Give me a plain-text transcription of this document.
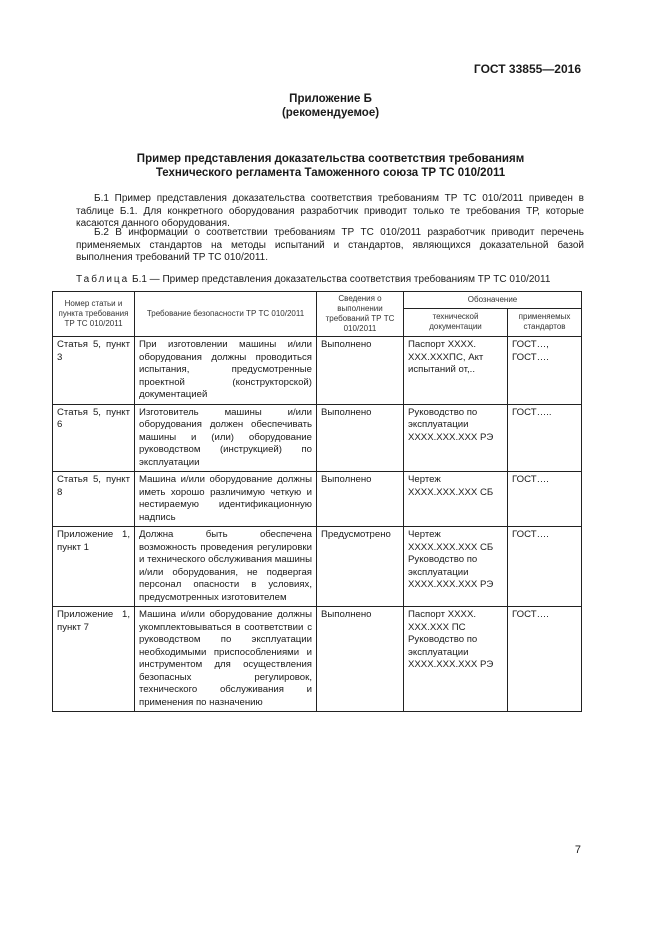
ГОСТ 33855—2016
Приложение Б
(рекомендуемое)
Пример представления доказательства соответствия требованиям
Технического регламента Таможенного союза ТР ТС 010/2011
Б.1 Пример представления доказательства соответствия требованиям ТР ТС 010/2011 приведен в таблице Б.1. Для конкретного оборудования разработчик приводит только те требования ТР, которые касаются данного оборудования.
Б.2 В информации о соответствии требованиям ТР ТС 010/2011 разработчик приводит перечень применяемых стандартов на методы испытаний и стандартов, являющихся доказательной базой выполнения требований ТР ТС 010/2011.
Таблица Б.1 — Пример представления доказательства соответствия требованиям ТР ТС 010/2011
Номер статьи и пункта требования ТР ТС 010/2011	Требование безопасности ТР ТС 010/2011	Сведения о выполнении требований ТР ТС 010/2011	Обозначение	
			технической документации	применяемых стандартов
Статья 5, пункт 3	При изготовлении машины и/или оборудования должны проводиться испытания, предусмотренные проектной (конструкторской) документацией	Выполнено	Паспорт ХХХХ. ХХХ.ХХХПС, Акт испытаний от,..	ГОСТ…, ГОСТ….
Статья 5, пункт 6	Изготовитель машины и/или оборудования должен обеспечивать машины и (или) оборудование руководством (инструкцией) по эксплуатации	Выполнено	Руководство по эксплуатации ХХХХ.ХХХ.ХХХ РЭ	ГОСТ…..
Статья 5, пункт 8	Машина и/или оборудование должны иметь хорошо различимую четкую и нестираемую идентификационную надпись	Выполнено	Чертеж ХХХХ.ХХХ.ХХХ СБ	ГОСТ….
Приложение 1, пункт 1	Должна быть обеспечена возможность проведения регулировки и технического обслуживания машины и/или оборудования, не подвергая персонал опасности в условиях, предусмотренных изготовителем	Предусмотрено	Чертеж ХХХХ.ХХХ.ХХХ СБ Руководство по эксплуатации ХХХХ.ХХХ.ХХХ РЭ	ГОСТ….
Приложение 1, пункт 7	Машина и/или оборудование должны укомплектовываться в соответствии с руководством по эксплуатации необходимыми приспособлениями и инструментом для осуществления безопасных регулировок, технического обслуживания и применения по назначению	Выполнено	Паспорт ХХХХ. ХХХ.ХХХ ПС Руководство по эксплуатации ХХХХ.ХХХ.ХХХ РЭ	ГОСТ….
7
